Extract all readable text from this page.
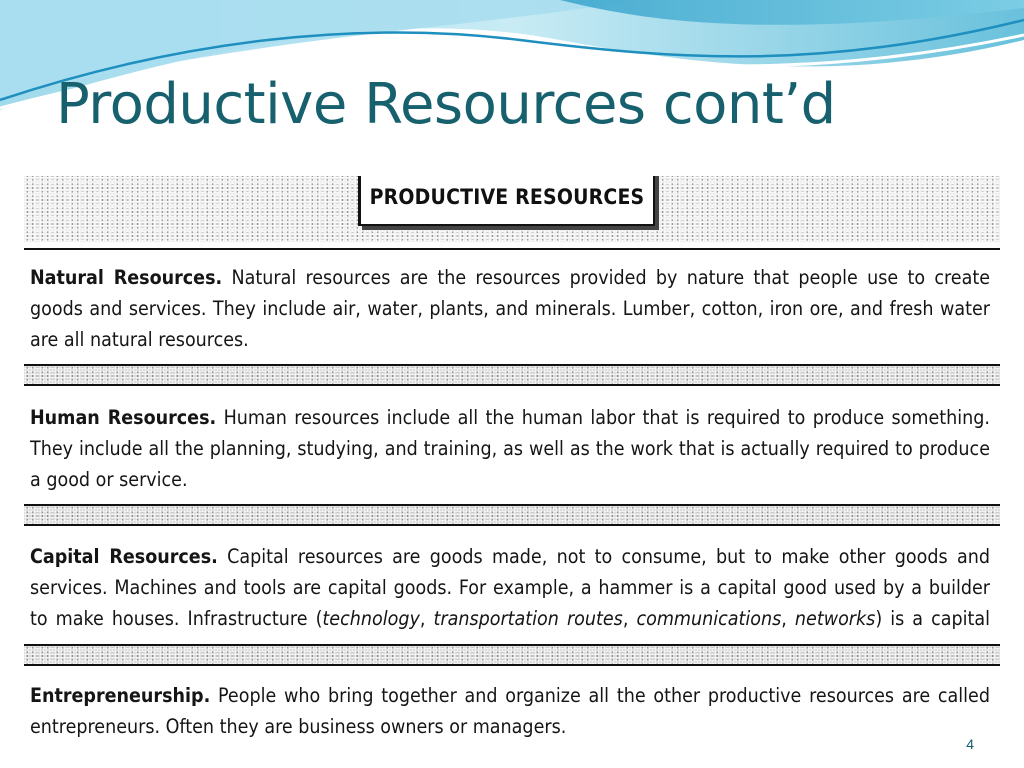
Productive Resources cont’d
PRODUCTIVE RESOURCES

Natural Resources. Natural resources are the resources provided by nature that people use to create goods and services. They include air, water, plants, and minerals. Lumber, cotton, iron ore, and fresh water are all natural resources.

Human Resources. Human resources include all the human labor that is required to produce something. They include all the planning, studying, and training, as well as the work that is actually required to produce a good or service.

Capital Resources. Capital resources are goods made, not to consume, but to make other goods and services. Machines and tools are capital goods. For example, a hammer is a capital good used by a builder to make houses. Infrastructure (technology, transportation routes, communications, networks) is a capital

Entrepreneurship. People who bring together and organize all the other productive resources are called entrepreneurs. Often they are business owners or managers.

4
